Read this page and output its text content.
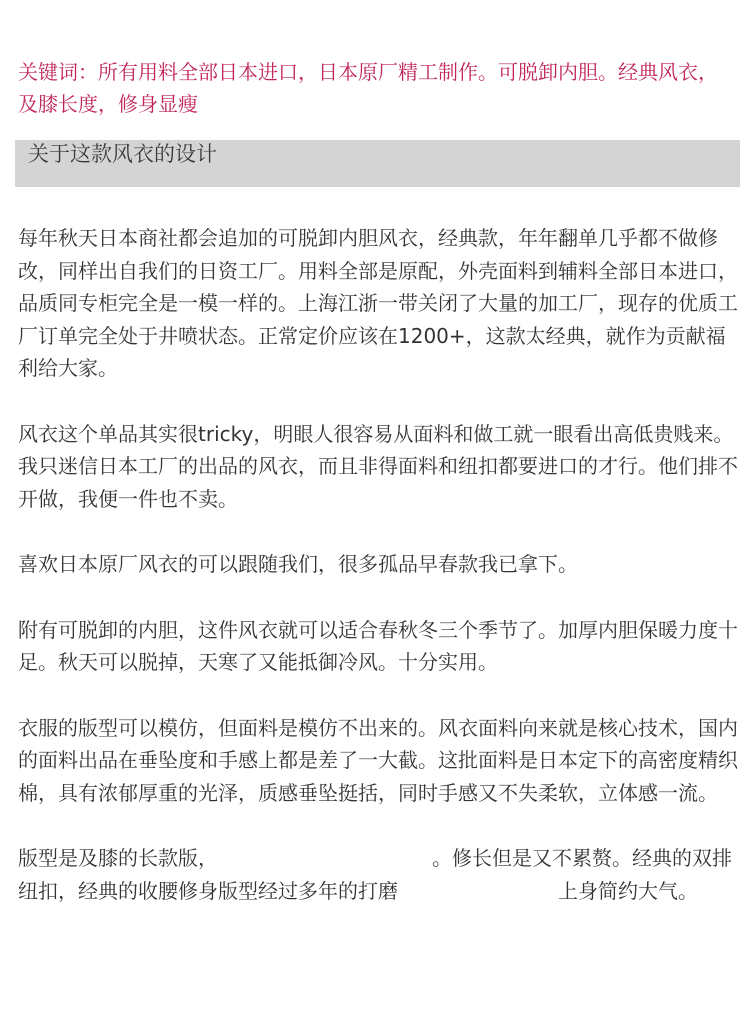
关键词：所有用料全部日本进口，日本原厂精工制作。可脱卸内胆。经典风衣，及膝长度，修身显瘦

关于这款风衣的设计

每年秋天日本商社都会追加的可脱卸内胆风衣，经典款，年年翻单几乎都不做修改，同样出自我们的日资工厂。用料全部是原配，外壳面料到辅料全部日本进口，品质同专柜完全是一模一样的。上海江浙一带关闭了大量的加工厂，现存的优质工厂订单完全处于井喷状态。正常定价应该在1200+，这款太经典，就作为贡献福利给大家。

风衣这个单品其实很tricky，明眼人很容易从面料和做工就一眼看出高低贵贱来。我只迷信日本工厂的出品的风衣，而且非得面料和纽扣都要进口的才行。他们排不开做，我便一件也不卖。

喜欢日本原厂风衣的可以跟随我们，很多孤品早春款我已拿下。

附有可脱卸的内胆，这件风衣就可以适合春秋冬三个季节了。加厚内胆保暖力度十足。秋天可以脱掉，天寒了又能抵御冷风。十分实用。

衣服的版型可以模仿，但面料是模仿不出来的。风衣面料向来就是核心技术，国内的面料出品在垂坠度和手感上都是差了一大截。这批面料是日本定下的高密度精织棉，具有浓郁厚重的光泽，质感垂坠挺括，同时手感又不失柔软，立体感一流。

版型是及膝的长款版，	。修长但是又不累赘。经典的双排纽扣，经典的收腰修身版型经过多年的打磨	上身简约大气。
